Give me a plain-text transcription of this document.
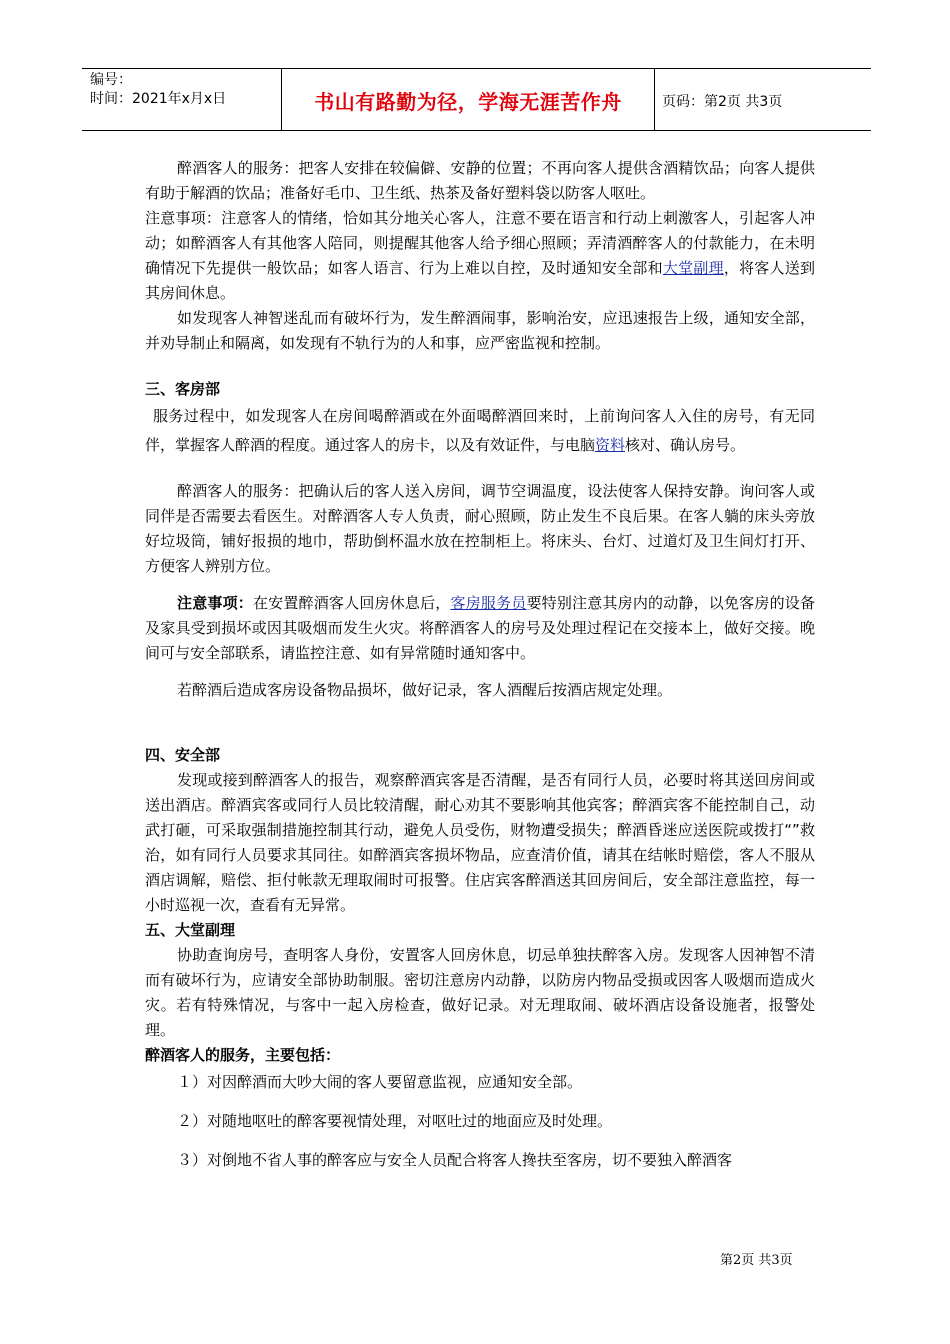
编号：
时间：2021年x月x日	书山有路勤为径，学海无涯苦作舟	页码：第2页 共3页

醉酒客人的服务：把客人安排在较偏僻、安静的位置；不再向客人提供含酒精饮品；向客人提供有助于解酒的饮品；准备好毛巾、卫生纸、热茶及备好塑料袋以防客人呕吐。

注意事项：注意客人的情绪，恰如其分地关心客人，注意不要在语言和行动上刺激客人，引起客人冲动；如醉酒客人有其他客人陪同，则提醒其他客人给予细心照顾；弄清酒醉客人的付款能力，在未明确情况下先提供一般饮品；如客人语言、行为上难以自控，及时通知安全部和大堂副理，将客人送到其房间休息。

如发现客人神智迷乱而有破坏行为，发生醉酒闹事，影响治安，应迅速报告上级，通知安全部，并劝导制止和隔离，如发现有不轨行为的人和事，应严密监视和控制。

三、客房部

服务过程中，如发现客人在房间喝醉酒或在外面喝醉酒回来时，上前询问客人入住的房号，有无同伴，掌握客人醉酒的程度。通过客人的房卡，以及有效证件，与电脑资料核对、确认房号。

醉酒客人的服务：把确认后的客人送入房间，调节空调温度，设法使客人保持安静。询问客人或同伴是否需要去看医生。对醉酒客人专人负责，耐心照顾，防止发生不良后果。在客人躺的床头旁放好垃圾筒，铺好报损的地巾，帮助倒杯温水放在控制柜上。将床头、台灯、过道灯及卫生间灯打开、方便客人辨别方位。

注意事项：在安置醉酒客人回房休息后，客房服务员要特别注意其房内的动静，以免客房的设备及家具受到损坏或因其吸烟而发生火灾。将醉酒客人的房号及处理过程记在交接本上，做好交接。晚间可与安全部联系，请监控注意、如有异常随时通知客中。

若醉酒后造成客房设备物品损坏，做好记录，客人酒醒后按酒店规定处理。

四、安全部

发现或接到醉酒客人的报告，观察醉酒宾客是否清醒，是否有同行人员，必要时将其送回房间或送出酒店。醉酒宾客或同行人员比较清醒，耐心劝其不要影响其他宾客；醉酒宾客不能控制自己，动武打砸，可采取强制措施控制其行动，避免人员受伤，财物遭受损失；醉酒昏迷应送医院或拨打“”救治，如有同行人员要求其同往。如醉酒宾客损坏物品，应查清价值，请其在结帐时赔偿，客人不服从酒店调解，赔偿、拒付帐款无理取闹时可报警。住店宾客醉酒送其回房间后，安全部注意监控，每一小时巡视一次，查看有无异常。

五、大堂副理

协助查询房号，查明客人身份，安置客人回房休息，切忌单独扶醉客入房。发现客人因神智不清而有破坏行为，应请安全部协助制服。密切注意房内动静，以防房内物品受损或因客人吸烟而造成火灾。若有特殊情况，与客中一起入房检查，做好记录。对无理取闹、破坏酒店设备设施者，报警处理。

醉酒客人的服务，主要包括：

１）对因醉酒而大吵大闹的客人要留意监视，应通知安全部。

２）对随地呕吐的醉客要视情处理，对呕吐过的地面应及时处理。

３）对倒地不省人事的醉客应与安全人员配合将客人搀扶至客房，切不要独入醉酒客

第2页 共3页
